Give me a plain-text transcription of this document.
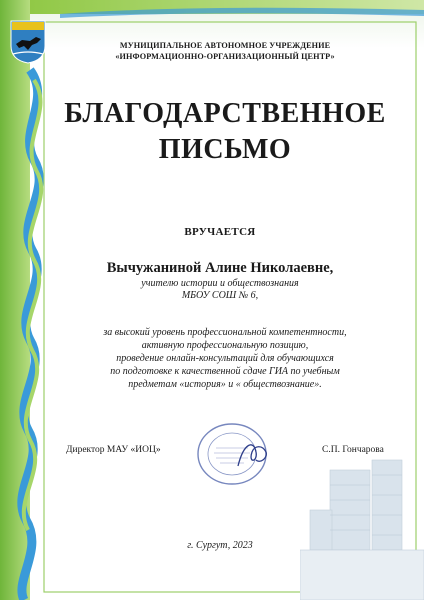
МУНИЦИПАЛЬНОЕ АВТОНОМНОЕ УЧРЕЖДЕНИЕ
«ИНФОРМАЦИОННО-ОРГАНИЗАЦИОННЫЙ ЦЕНТР»
БЛАГОДАРСТВЕННОЕ
ПИСЬМО
ВРУЧАЕТСЯ
Вычужаниной Алине Николаевне,
учителю истории и обществознания
МБОУ СОШ № 6,
за высокий уровень профессиональной компетентности,
активную профессиональную позицию,
проведение онлайн-консультаций для обучающихся
по подготовке к качественной сдаче ГИА по учебным
предметам «история» и « обществознание».
Директор МАУ «ИОЦ»	С.П. Гончарова
г. Сургут, 2023
